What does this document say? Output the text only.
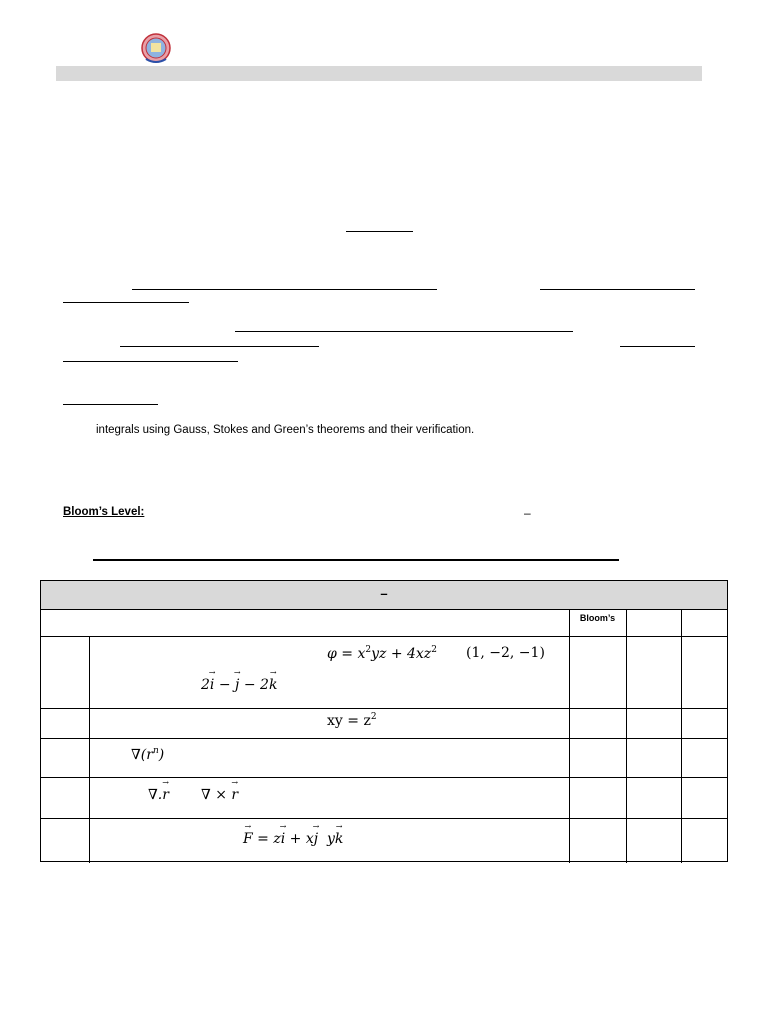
integrals using Gauss, Stokes and Green’s theorems and their verification.
Bloom’s Level:	–
–
Bloom’s
$\varphi = x^2yz + 4xz^2$ (1, −2, −1)
2→ i − → j − 2→ k
xy = $z^2$
$\nabla(r^n)$
∇.→ r ∇ × → r
→ F = z→ i + x→ j  y→ k
